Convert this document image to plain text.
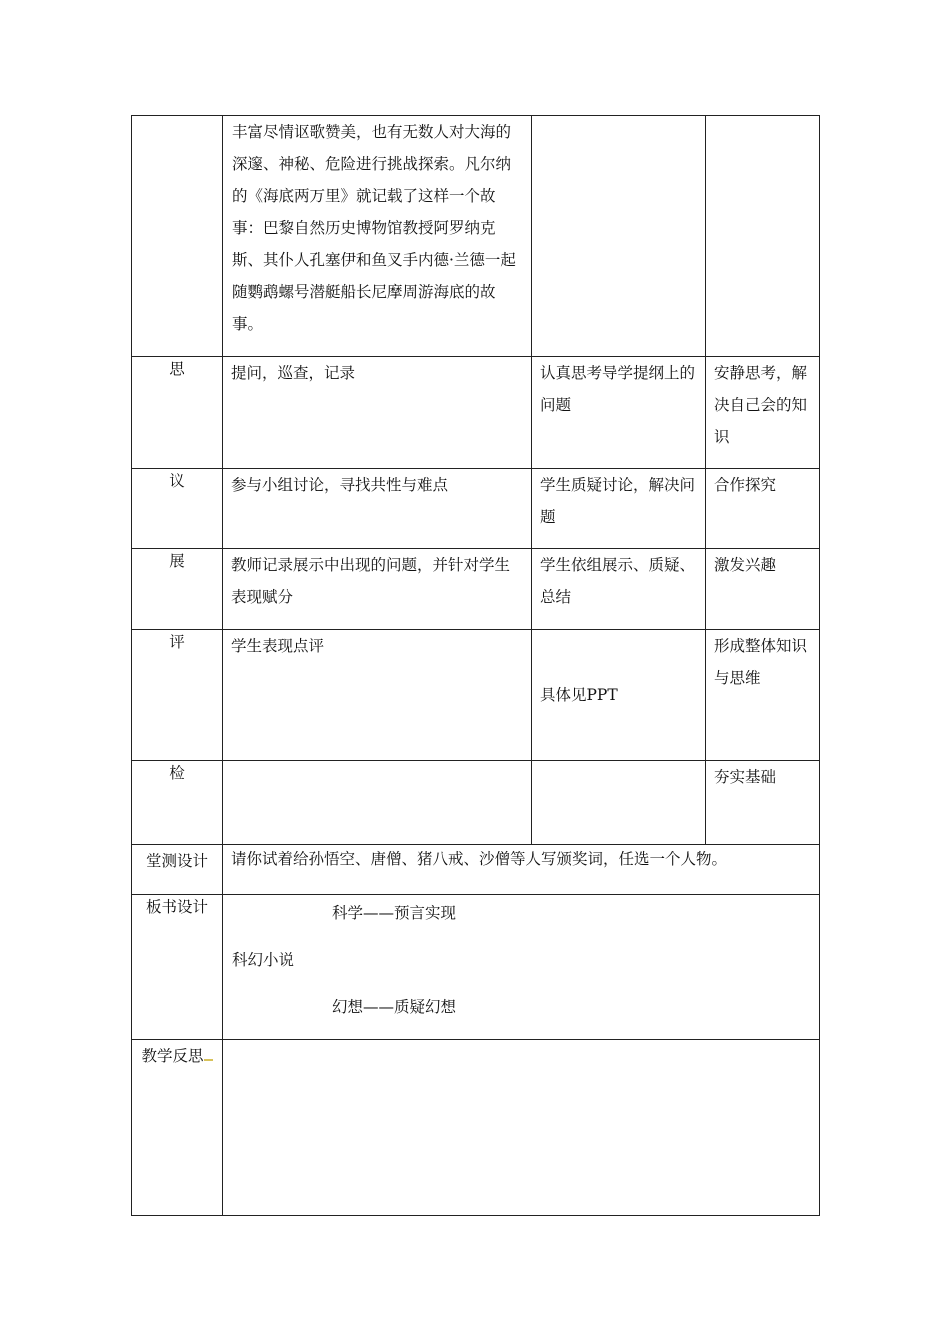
	丰富尽情讴歌赞美，也有无数人对大海的深邃、神秘、危险进行挑战探索。凡尔纳的《海底两万里》就记载了这样一个故事：巴黎自然历史博物馆教授阿罗纳克斯、其仆人孔塞伊和鱼叉手内德·兰德一起随鹦鹉螺号潜艇船长尼摩周游海底的故事。		

思	提问，巡查，记录	认真思考导学提纲上的问题	安静思考，解决自己会的知识

议	参与小组讨论，寻找共性与难点	学生质疑讨论，解决问题	合作探究

展	教师记录展示中出现的问题，并针对学生表现赋分	学生依组展示、质疑、总结	激发兴趣

评	学生表现点评	具体见PPT	形成整体知识与思维

检			夯实基础

堂测设计	请你试着给孙悟空、唐僧、猪八戒、沙僧等人写颁奖词，任选一个人物。		

板书设计	科学——预言实现
科幻小说
幻想——质疑幻想		

教学反思			
